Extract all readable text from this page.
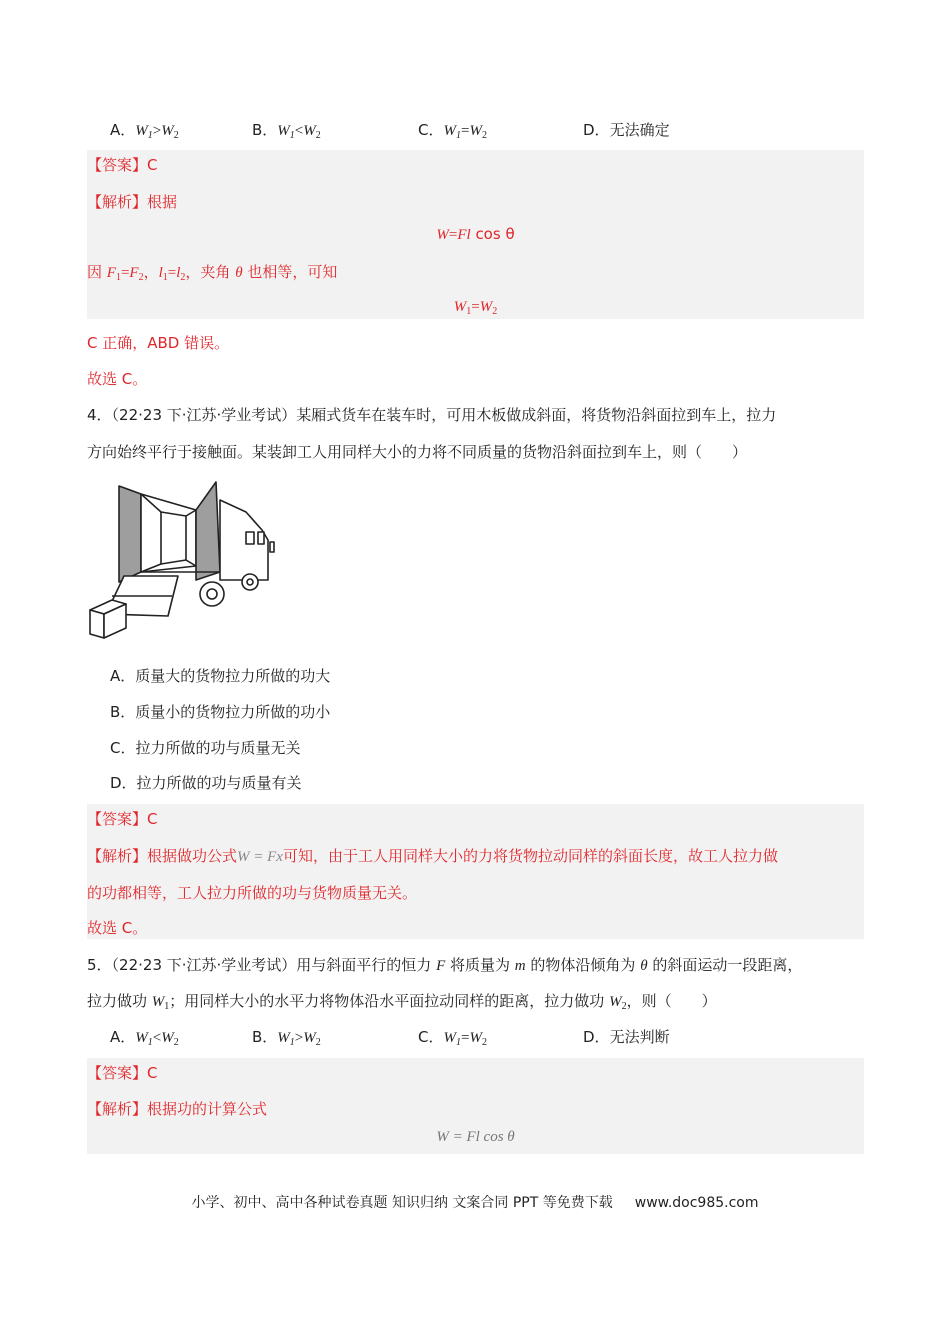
A．$W_1>W_2$	B．$W_1<W_2$	C．$W_1=W_2$	D．无法确定
【答案】C
【解析】根据
W=Fl cos θ
因 $F_1=F_2$，$l_1=l_2$，夹角 θ 也相等，可知
$W_1=W_2$
C 正确，ABD 错误。
故选 C。
4．（22·23 下·江苏·学业考试）某厢式货车在装车时，可用木板做成斜面，将货物沿斜面拉到车上，拉力
方向始终平行于接触面。某装卸工人用同样大小的力将不同质量的货物沿斜面拉到车上，则（　　）
A．质量大的货物拉力所做的功大
B．质量小的货物拉力所做的功小
C．拉力所做的功与质量无关
D．拉力所做的功与质量有关
【答案】C
【解析】根据做功公式W = Fx可知，由于工人用同样大小的力将货物拉动同样的斜面长度，故工人拉力做
的功都相等，工人拉力所做的功与货物质量无关。
故选 C。
5．（22·23 下·江苏·学业考试）用与斜面平行的恒力 F 将质量为 m 的物体沿倾角为 θ 的斜面运动一段距离，
拉力做功 $W_1$；用同样大小的水平力将物体沿水平面拉动同样的距离，拉力做功 $W_2$，则（　　）
A．$W_1<W_2$	B．$W_1>W_2$	C．$W_1=W_2$	D．无法判断
【答案】C
【解析】根据功的计算公式
W = Fl cos θ
小学、初中、高中各种试卷真题 知识归纳 文案合同 PPT 等免费下载 www.doc985.com
